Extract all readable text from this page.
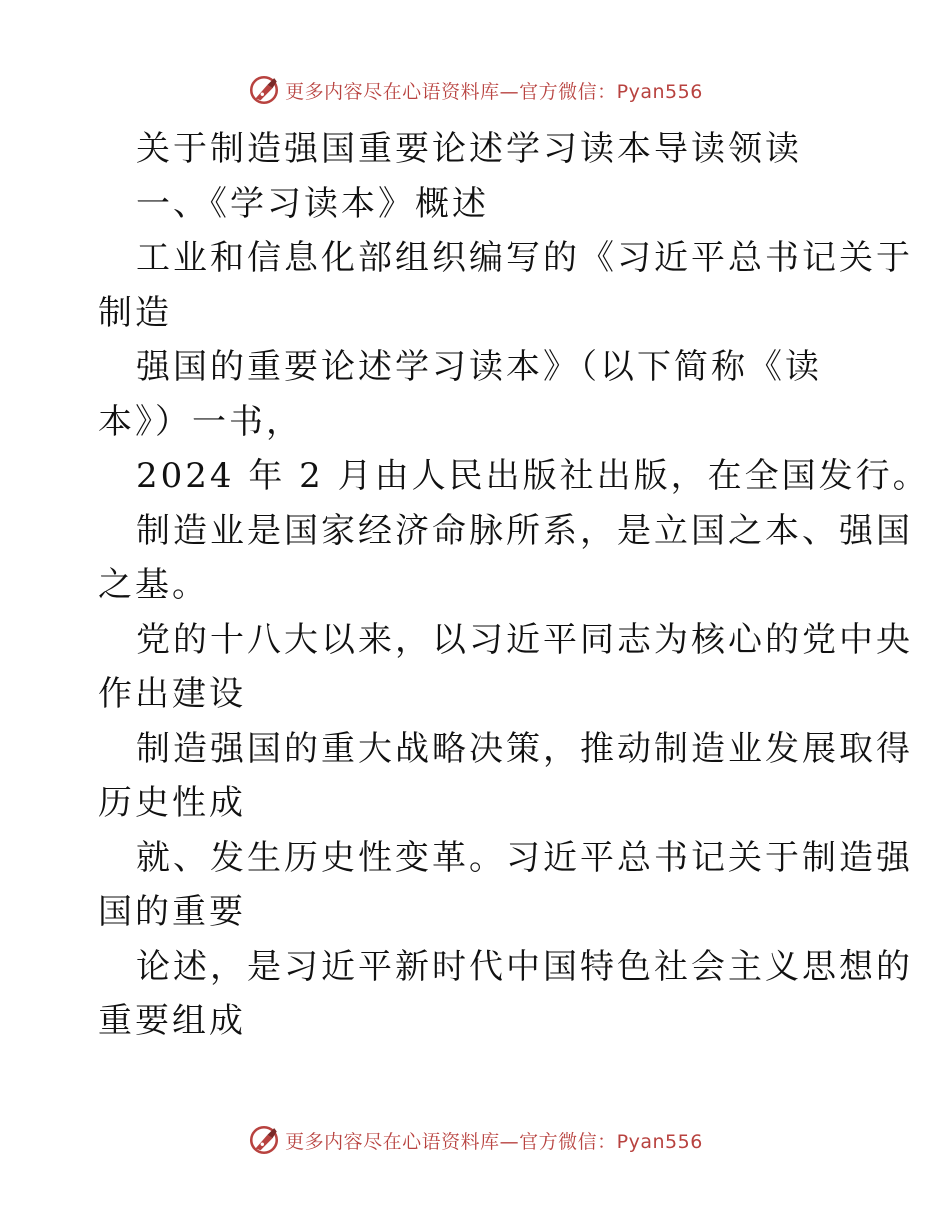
更多内容尽在心语资料库—官方微信：Pyan556
关于制造强国重要论述学习读本导读领读
一、《学习读本》概述
工业和信息化部组织编写的《习近平总书记关于
制造
强国的重要论述学习读本》（以下简称《读
本》）一书，
2024 年 2 月由人民出版社出版，在全国发行。
制造业是国家经济命脉所系，是立国之本、强国
之基。
党的十八大以来，以习近平同志为核心的党中央
作出建设
制造强国的重大战略决策，推动制造业发展取得
历史性成
就、发生历史性变革。习近平总书记关于制造强
国的重要
论述，是习近平新时代中国特色社会主义思想的
重要组成
更多内容尽在心语资料库—官方微信：Pyan556
